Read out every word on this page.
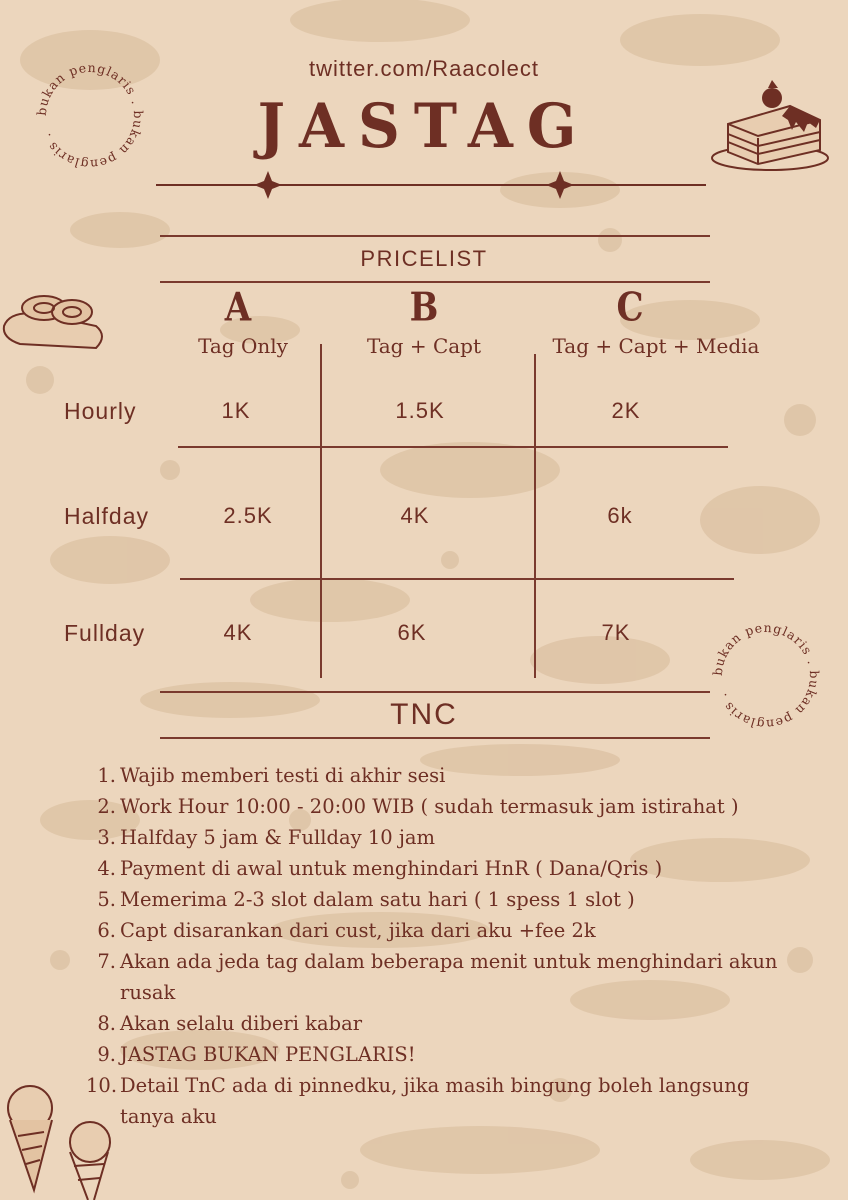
bukan penglaris . bukan penglaris .
bukan penglaris . bukan penglaris .
twitter.com/Raacolect
JASTAG
PRICELIST
A	B	C
Tag Only	Tag + Capt	Tag + Capt + Media
Hourly	1K	1.5K	2K
Halfday	2.5K	4K	6k
Fullday	4K	6K	7K
TNC
1. Wajib memberi testi di akhir sesi
2. Work Hour 10:00 - 20:00 WIB ( sudah termasuk jam istirahat )
3. Halfday 5 jam & Fullday 10 jam
4. Payment di awal untuk menghindari HnR ( Dana/Qris )
5. Memerima 2-3 slot dalam satu hari ( 1 spess 1 slot )
6. Capt disarankan dari cust, jika dari aku +fee 2k
7. Akan ada jeda tag dalam beberapa menit untuk menghindari akun rusak
8. Akan selalu diberi kabar
9. JASTAG BUKAN PENGLARIS!
10. Detail TnC ada di pinnedku, jika masih bingung boleh langsung tanya aku
